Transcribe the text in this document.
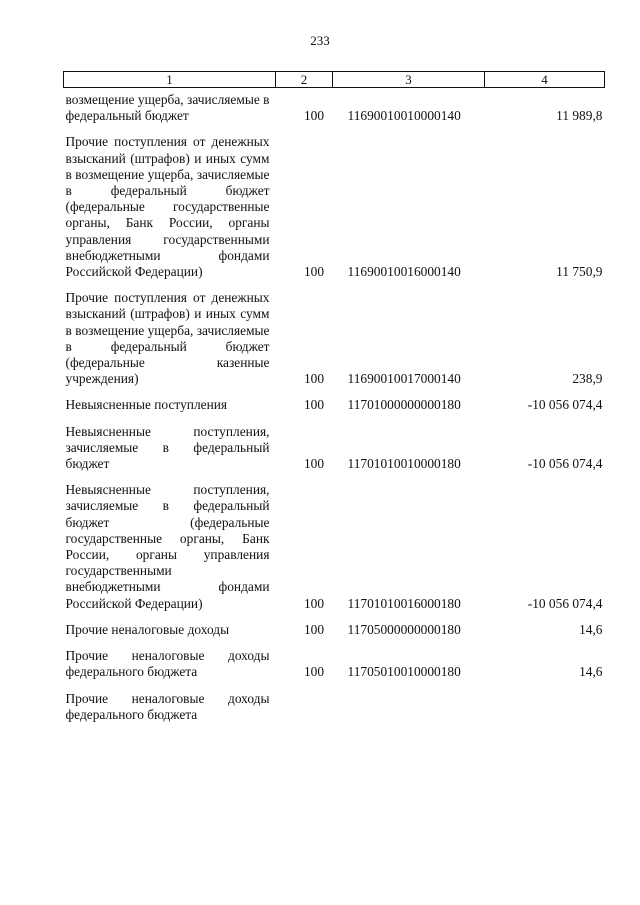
233
1	2	3	4

возмещение ущерба, зачисляемые в федеральный бюджет	100	11690010010000140	11 989,8

Прочие поступления от денежных взысканий (штрафов) и иных сумм в возмещение ущерба, зачисляемые в федеральный бюджет (федеральные государственные органы, Банк России, органы управления государственными внебюджетными фондами Российской Федерации)	100	11690010016000140	11 750,9

Прочие поступления от денежных взысканий (штрафов) и иных сумм в возмещение ущерба, зачисляемые в федеральный бюджет (федеральные казенные учреждения)	100	11690010017000140	238,9

Невыясненные поступления	100	11701000000000180	-10 056 074,4

Невыясненные поступления, зачисляемые в федеральный бюджет	100	11701010010000180	-10 056 074,4

Невыясненные поступления, зачисляемые в федеральный бюджет (федеральные государственные органы, Банк России, органы управления государственными внебюджетными фондами Российской Федерации)	100	11701010016000180	-10 056 074,4

Прочие неналоговые доходы	100	11705000000000180	14,6

Прочие неналоговые доходы федерального бюджета	100	11705010010000180	14,6

Прочие неналоговые доходы федерального бюджета			
